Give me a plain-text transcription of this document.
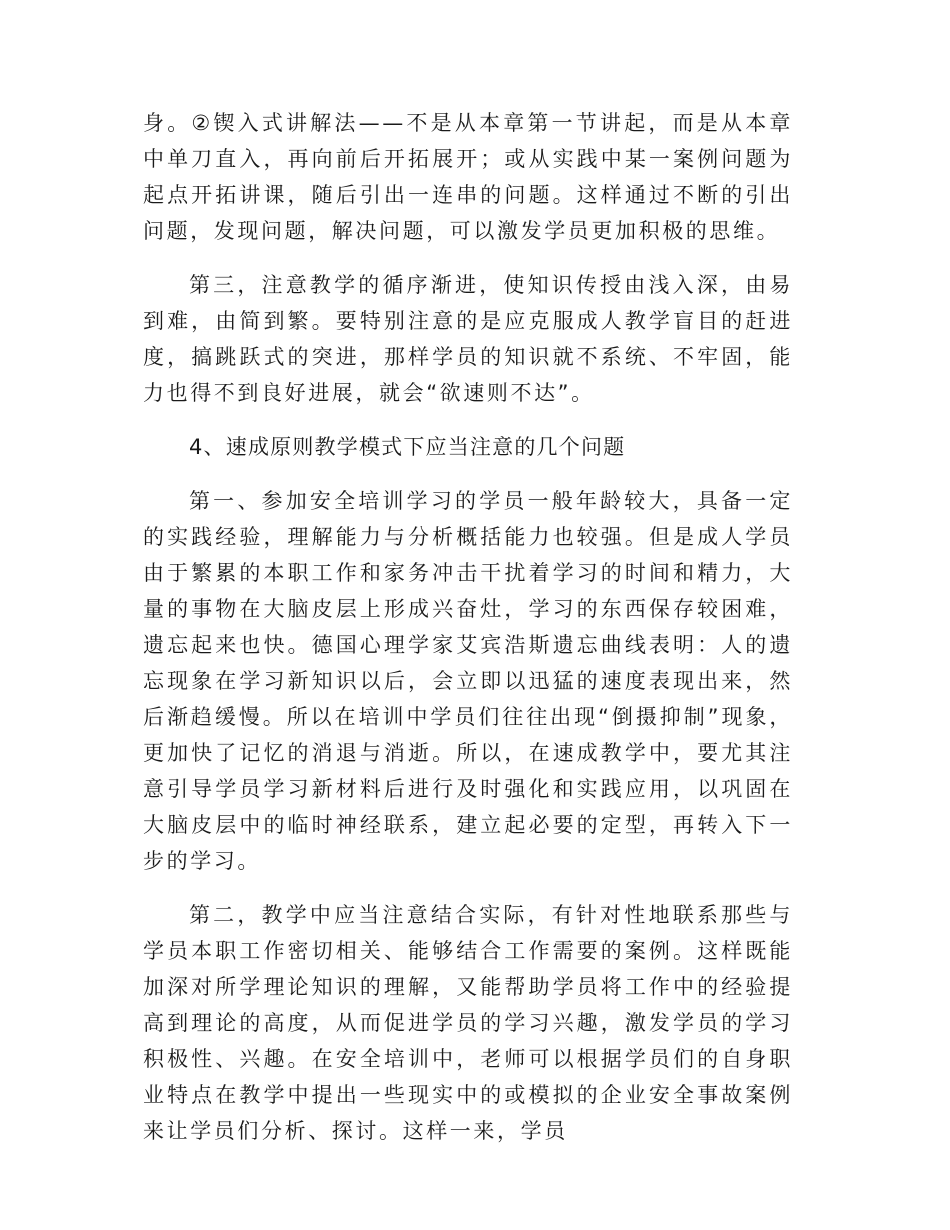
身。②锲入式讲解法——不是从本章第一节讲起，而是从本章中单刀直入，再向前后开拓展开；或从实践中某一案例问题为起点开拓讲课，随后引出一连串的问题。这样通过不断的引出问题，发现问题，解决问题，可以激发学员更加积极的思维。

第三，注意教学的循序渐进，使知识传授由浅入深，由易到难，由简到繁。要特别注意的是应克服成人教学盲目的赶进度，搞跳跃式的突进，那样学员的知识就不系统、不牢固，能力也得不到良好进展，就会“欲速则不达”。

4、速成原则教学模式下应当注意的几个问题

第一、参加安全培训学习的学员一般年龄较大，具备一定的实践经验，理解能力与分析概括能力也较强。但是成人学员由于繁累的本职工作和家务冲击干扰着学习的时间和精力，大量的事物在大脑皮层上形成兴奋灶，学习的东西保存较困难，遗忘起来也快。德国心理学家艾宾浩斯遗忘曲线表明：人的遗忘现象在学习新知识以后，会立即以迅猛的速度表现出来，然后渐趋缓慢。所以在培训中学员们往往出现“倒摄抑制”现象，更加快了记忆的消退与消逝。所以，在速成教学中，要尤其注意引导学员学习新材料后进行及时强化和实践应用，以巩固在大脑皮层中的临时神经联系，建立起必要的定型，再转入下一步的学习。

第二，教学中应当注意结合实际，有针对性地联系那些与学员本职工作密切相关、能够结合工作需要的案例。这样既能加深对所学理论知识的理解，又能帮助学员将工作中的经验提高到理论的高度，从而促进学员的学习兴趣，激发学员的学习积极性、兴趣。在安全培训中，老师可以根据学员们的自身职业特点在教学中提出一些现实中的或模拟的企业安全事故案例来让学员们分析、探讨。这样一来，学员
